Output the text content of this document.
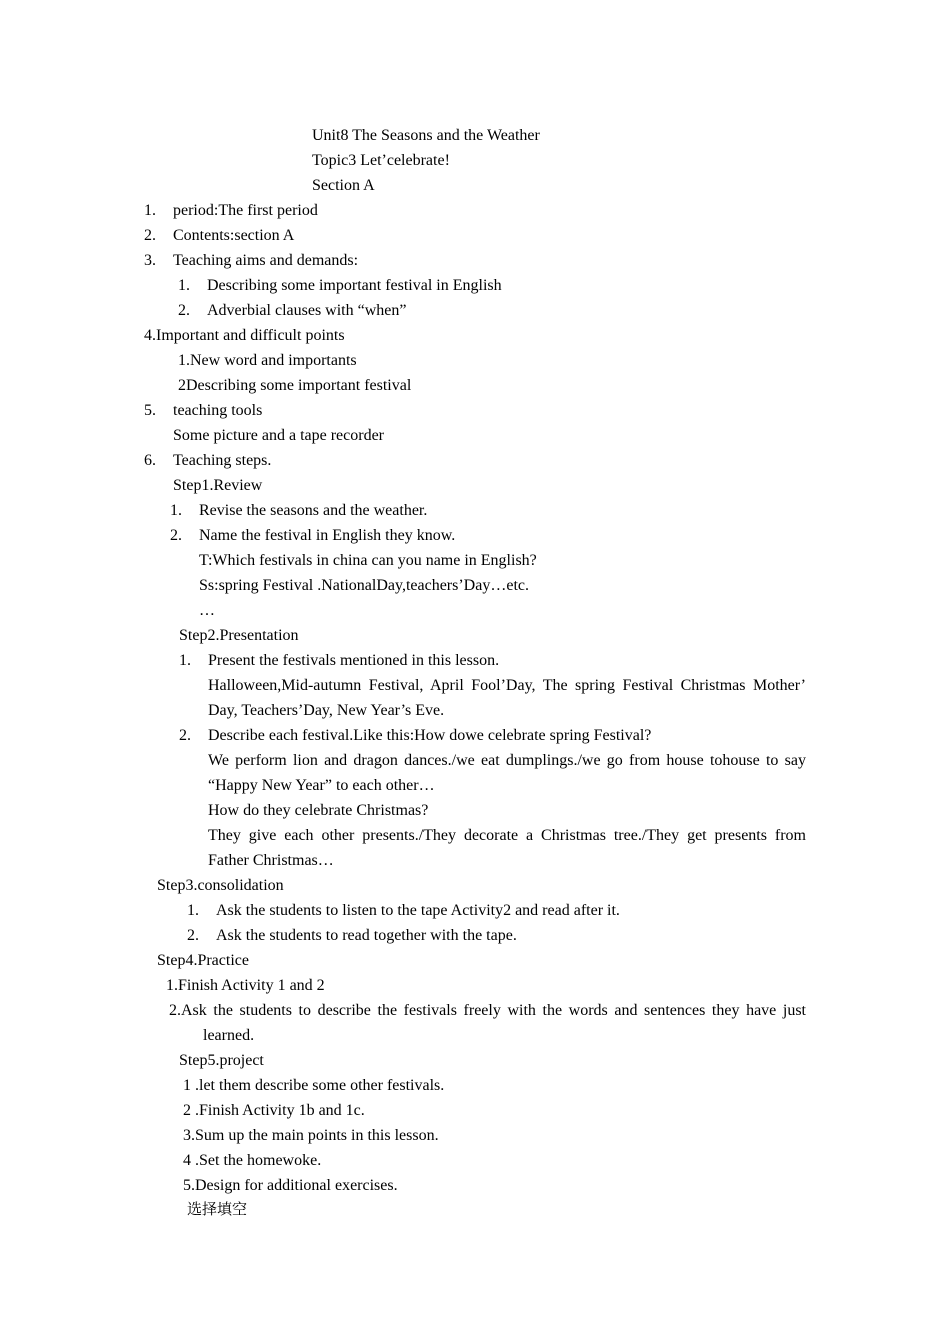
Unit8 The Seasons and the Weather
Topic3 Let’celebrate!
Section A
1. period:The first period
2. Contents:section A
3. Teaching aims and demands:
1. Describing some important festival in English
2. Adverbial clauses with “when”
4.Important and difficult points
1.New word and importants
2Describing some important festival
5. teaching tools
Some picture and a tape recorder
6. Teaching steps.
Step1.Review
1. Revise the seasons and the weather.
2. Name the festival in English they know.
T:Which festivals in china can you name in English?
Ss:spring Festival .NationalDay,teachers’Day…etc.
…
Step2.Presentation
1. Present the festivals mentioned in this lesson.
Halloween,Mid-autumn Festival, April Fool’Day, The spring Festival Christmas Mother’
Day, Teachers’Day, New Year’s Eve.
2. Describe each festival.Like this:How dowe celebrate spring Festival?
We perform lion and dragon dances./we eat dumplings./we go from house tohouse to say
“Happy New Year” to each other…
How do they celebrate Christmas?
They give each other presents./They decorate a Christmas tree./They get presents from
Father Christmas…
Step3.consolidation
1. Ask the students to listen to the tape Activity2 and read after it.
2. Ask the students to read together with the tape.
Step4.Practice
1.Finish Activity 1 and 2
2.Ask the students to describe the festivals freely with the words and sentences they have just
learned.
Step5.project
1 .let them describe some other festivals.
2 .Finish Activity 1b and 1c.
3.Sum up the main points in this lesson.
4 .Set the homewoke.
5.Design for additional exercises.
选择填空
